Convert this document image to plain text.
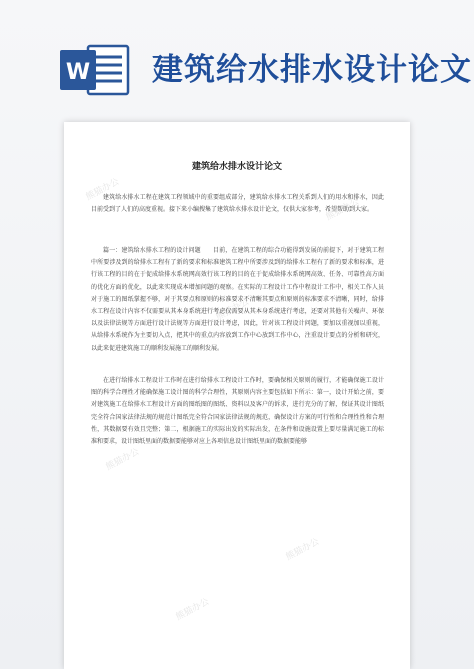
W 建筑给水排水设计论文
熊猫办公
熊猫办公
熊猫办公
熊猫办公
熊猫办公
熊猫办公
建筑给水排水设计论文

建筑给水排水工程在建筑工程领域中的重要组成部分，建筑给水排水工程关系到人们的用水和排水，因此目前受到了人们的高度重视。接下来小编搜集了建筑给水排水设计论文，仅供大家参考，希望帮助到大家。

篇一：建筑给水排水工程的设计问题　　目前，在建筑工程的综合功能得到发展的前提下，对于建筑工程中所要涉及到的给排水工程有了新的要求和标准建筑工程中所要涉及到的给排水工程有了新的要求和标准，进行该工程的目的在于促成给排水系统网高效行该工程的目的在于促成给排水系统网高效、任务、可靠性高方面的优化方面的优化，以此来实现成本增加问题的观察。在实际的工程设计工作中程设计工作中，相关工作人员对于施工的图纸掌握不够，对于其要点和原则的标准要求不清晰其要点和原则的标准要求不清晰，同时，给排水工程在设计内容不仅需要从其本身系统进行考虑仅需要从其本身系统进行考虑，还要对其他有关噪声、环保以及法律法规等方面进行设计法规等方面进行设计考虑，因此，针对该工程设计问题，要加以重视加以重视，从给排水系统作为主要切入点，把其中的重点内容放到工作中心放到工作中心，注重设计要点的分析和研究，以此来促进建筑施工的顺利发展施工的顺利发展。

在进行给排水工程设计工作时在进行给排水工程设计工作时，要确保相关原则的履行，才能确保施工设计图的科学合理性才能确保施工设计图的科学合理性，其原则内容主要包括如下所示：第一，设计开始之前，要对建筑施工在给排水工程设计方面的图纸图的图纸、资料以及客户的诉求，进行充分的了解，保证其设计图纸完全符合国家法律法规的规范计图纸完全符合国家法律法规的规范，确保设计方案的可行性和合理性性和合理性，其数据要有效且完整；第二，根据施工的实际出发的实际出发，在条件和设施设置上要尽量满足施工的标准和要求，设计图纸里面的数据要能够对应上各项信息设计图纸里面的数据要能够
